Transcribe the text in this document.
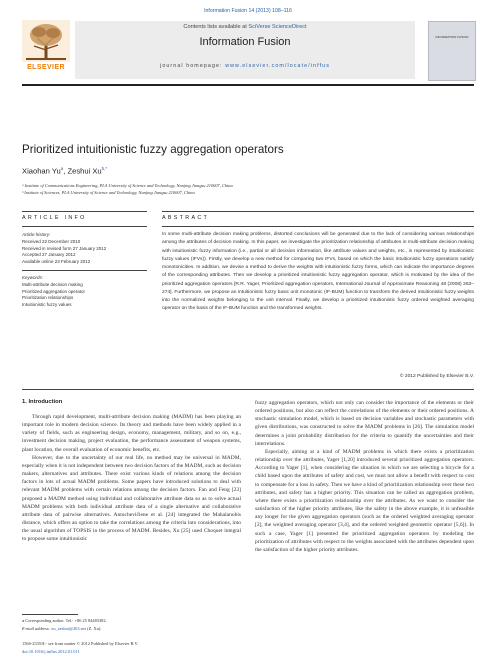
Information Fusion 14 (2013) 108–116
Contents lists available at SciVerse ScienceDirect
Information Fusion
journal homepage: www.elsevier.com/locate/inffus
ELSEVIER
INFORMATION FUSION
Prioritized intuitionistic fuzzy aggregation operators
Xiaohan Yu$^a$, Zeshui $Xu^{b,*}$
ᵃ Institute of Communications Engineering, PLA University of Science and Technology, Nanjing Jiangsu 210007, China
ᵇ Institute of Sciences, PLA University of Science and Technology, Nanjing Jiangsu 210007, China
ARTICLE INFO	ABSTRACT
Article history:
Received 22 December 2010
Received in revised form 27 January 2012
Accepted 27 January 2012
Available online 23 February 2012
Keywords:
Multi-attribute decision making
Prioritized aggregation operator
Prioritization relationships
Intuitionistic fuzzy values
In some multi-attribute decision making problems, distorted conclusions will be generated due to the lack of considering various relationships among the attributes of decision making. In this paper, we investigate the prioritization relationship of attributes in multi-attribute decision making with intuitionistic fuzzy information (i.e., partial or all decision information, like attribute values and weights, etc., is represented by intuitionistic fuzzy values (IFVs)). Firstly, we develop a new method for comparing two IFVs, based on which the basic intuitionistic fuzzy operations satisfy monotonicities. In addition, we devise a method to derive the weights with intuitionistic fuzzy forms, which can indicate the importance degrees of the corresponding attributes. Then we develop a prioritized intuitionistic fuzzy aggregation operator, which is motivated by the idea of the prioritized aggregation operators [R.R. Yager, Prioritized aggregation operators, International Journal of Approximate Reasoning 48 (2008) 263–274]. Furthermore, we propose an intuitionistic fuzzy basic unit monotonic (IF-BUM) function to transform the derived intuitionistic fuzzy weights into the normalized weights belonging to the unit interval. Finally, we develop a prioritized intuitionistic fuzzy ordered weighted averaging operator on the basis of the IF-BUM function and the transformed weights.
© 2012 Published by Elsevier B.V.
1. Introduction
Through rapid development, multi-attribute decision making (MADM) has been playing an important role in modern decision science. Its theory and methods have been widely applied in a variety of fields, such as engineering design, economy, management, military, and so on, e.g., investment decision making, project evaluation, the performance assessment of weapon systems, plant location, the overall evaluation of economic benefits, etc.
However, due to the uncertainty of our real life, no method may be universal in MADM, especially when it is not independent between two decision factors of the MADM, such as decision makers, alternatives and attributes. There exist various kinds of relations among the decision factors in lots of actual MADM problems. Some papers have introduced solutions to deal with relevant MADM problems with certain relations among the decision factors. Fan and Feng [23] proposed a MADM method using individual and collaborative attribute data so as to solve actual MADM problems with both individual attribute data of a single alternative and collaborative attribute data of pairwise alternatives. Antuchevičiene et al. [24] integrated the Mahalanobis distance, which offers an option to take the correlations among the criteria into considerations, into the usual algorithm of TOPSIS in the process of MADM. Besides, Xu [25] used Choquet integral to propose some intuitionistic
fuzzy aggregation operators, which not only can consider the importance of the elements or their ordered positions, but also can reflect the correlations of the elements or their ordered positions. A stochastic simulation model, which is based on decision variables and stochastic parameters with given distributions, was constructed to solve the MADM problems in [26]. The simulation model determines a joint probability distribution for the criteria to quantify the uncertainties and their interrelations.
Especially, aiming at a kind of MADM problems in which there exists a prioritization relationship over the attributes, Yager [1,20] introduced several prioritized aggregation operators. According to Yager [1], when considering the situation in which we are selecting a bicycle for a child based upon the attributes of safety and cost, we must not allow a benefit with respect to cost to compensate for a loss in safety. Then we have a kind of prioritization relationship over these two attributes, and safety has a higher priority. This situation can be called an aggregation problem, where there exists a prioritization relationship over the attributes. As we want to consider the satisfaction of the higher priority attributes, like the safety in the above example, it is unfeasible any longer for the given aggregation operators (such as the ordered weighted averaging operator [2], the weighted averaging operator [3,4], and the ordered weighted geometric operator [5,6]). In such a case, Yager [1] presented the prioritized aggregation operators by modeling the prioritization of attributes with respect to the weights associated with the attributes dependent upon the satisfaction of the higher priority attributes.
⁎ Corresponding author. Tel.: +86 25 84483382.
E-mail address: xu_zeshui@263.net (Z. Xu).
1566-2535/$ - see front matter © 2012 Published by Elsevier B.V.
doi:10.1016/j.inffus.2012.01.011
